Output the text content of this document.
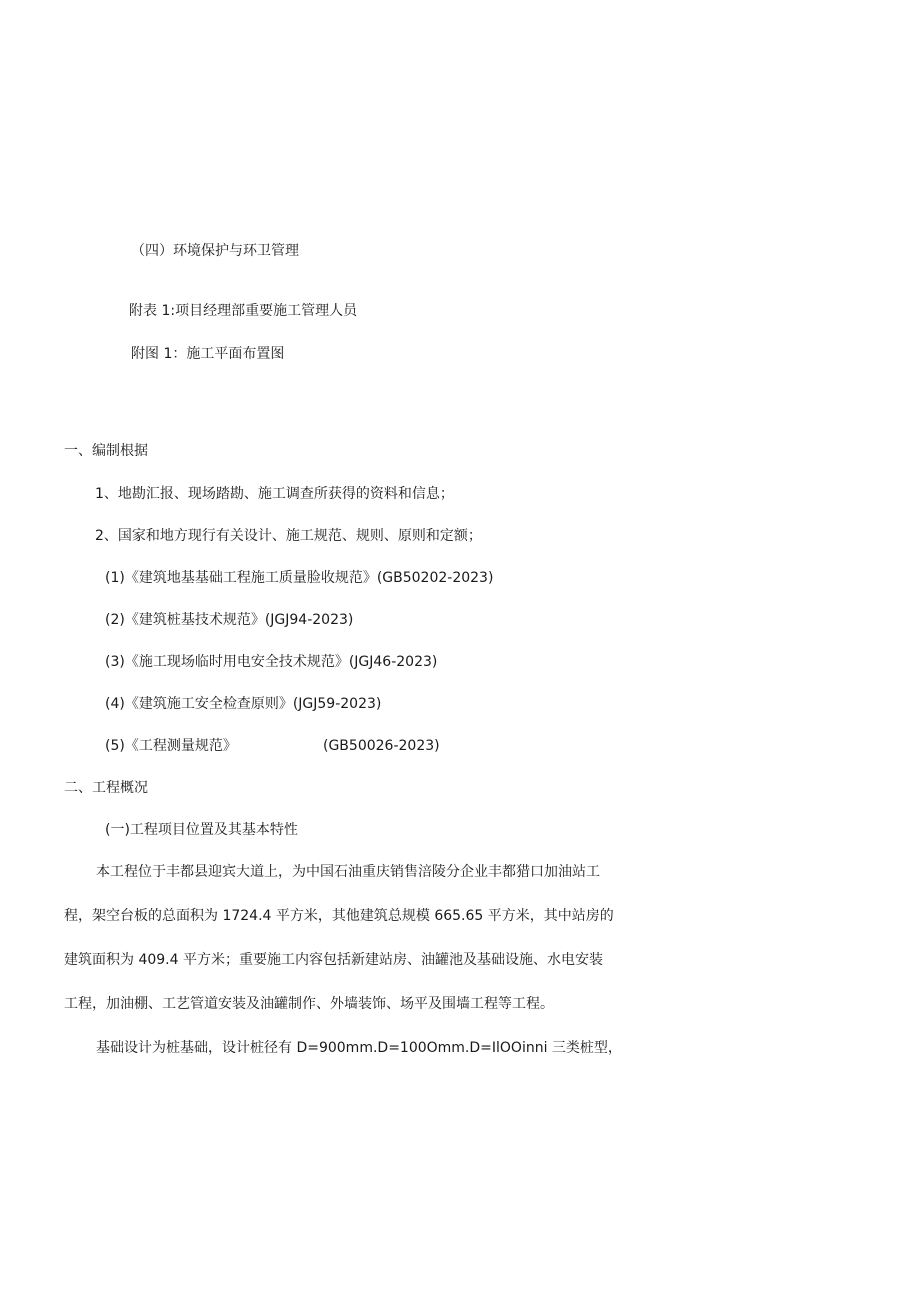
（四）环境保护与环卫管理
附表 1:项目经理部重要施工管理人员
附图 1：施工平面布置图
一、编制根据
1、地勘汇报、现场踏勘、施工调查所获得的资料和信息；
2、国家和地方现行有关设计、施工规范、规则、原则和定额；
(1)《建筑地基基础工程施工质量脸收规范》(GB50202-2023)
(2)《建筑桩基技术规范》(JGJ94-2023)
(3)《施工现场临时用电安全技术规范》(JGJ46-2023)
(4)《建筑施工安全检查原则》(JGJ59-2023)
(5)《工程测量规范》	(GB50026-2023)
二、工程概况
(一)工程项目位置及其基本特性
本工程位于丰都县迎宾大道上，为中国石油重庆销售涪陵分企业丰都猎口加油站工
程，架空台板的总面积为 1724.4 平方米，其他建筑总规模 665.65 平方米，其中站房的
建筑面积为 409.4 平方米；重要施工内容包括新建站房、油罐池及基础设施、水电安装
工程，加油棚、工艺管道安装及油罐制作、外墙装饰、场平及围墙工程等工程。
基础设计为桩基础，设计桩径有 D=900mm.D=100Omm.D=IlOOinni 三类桩型，
